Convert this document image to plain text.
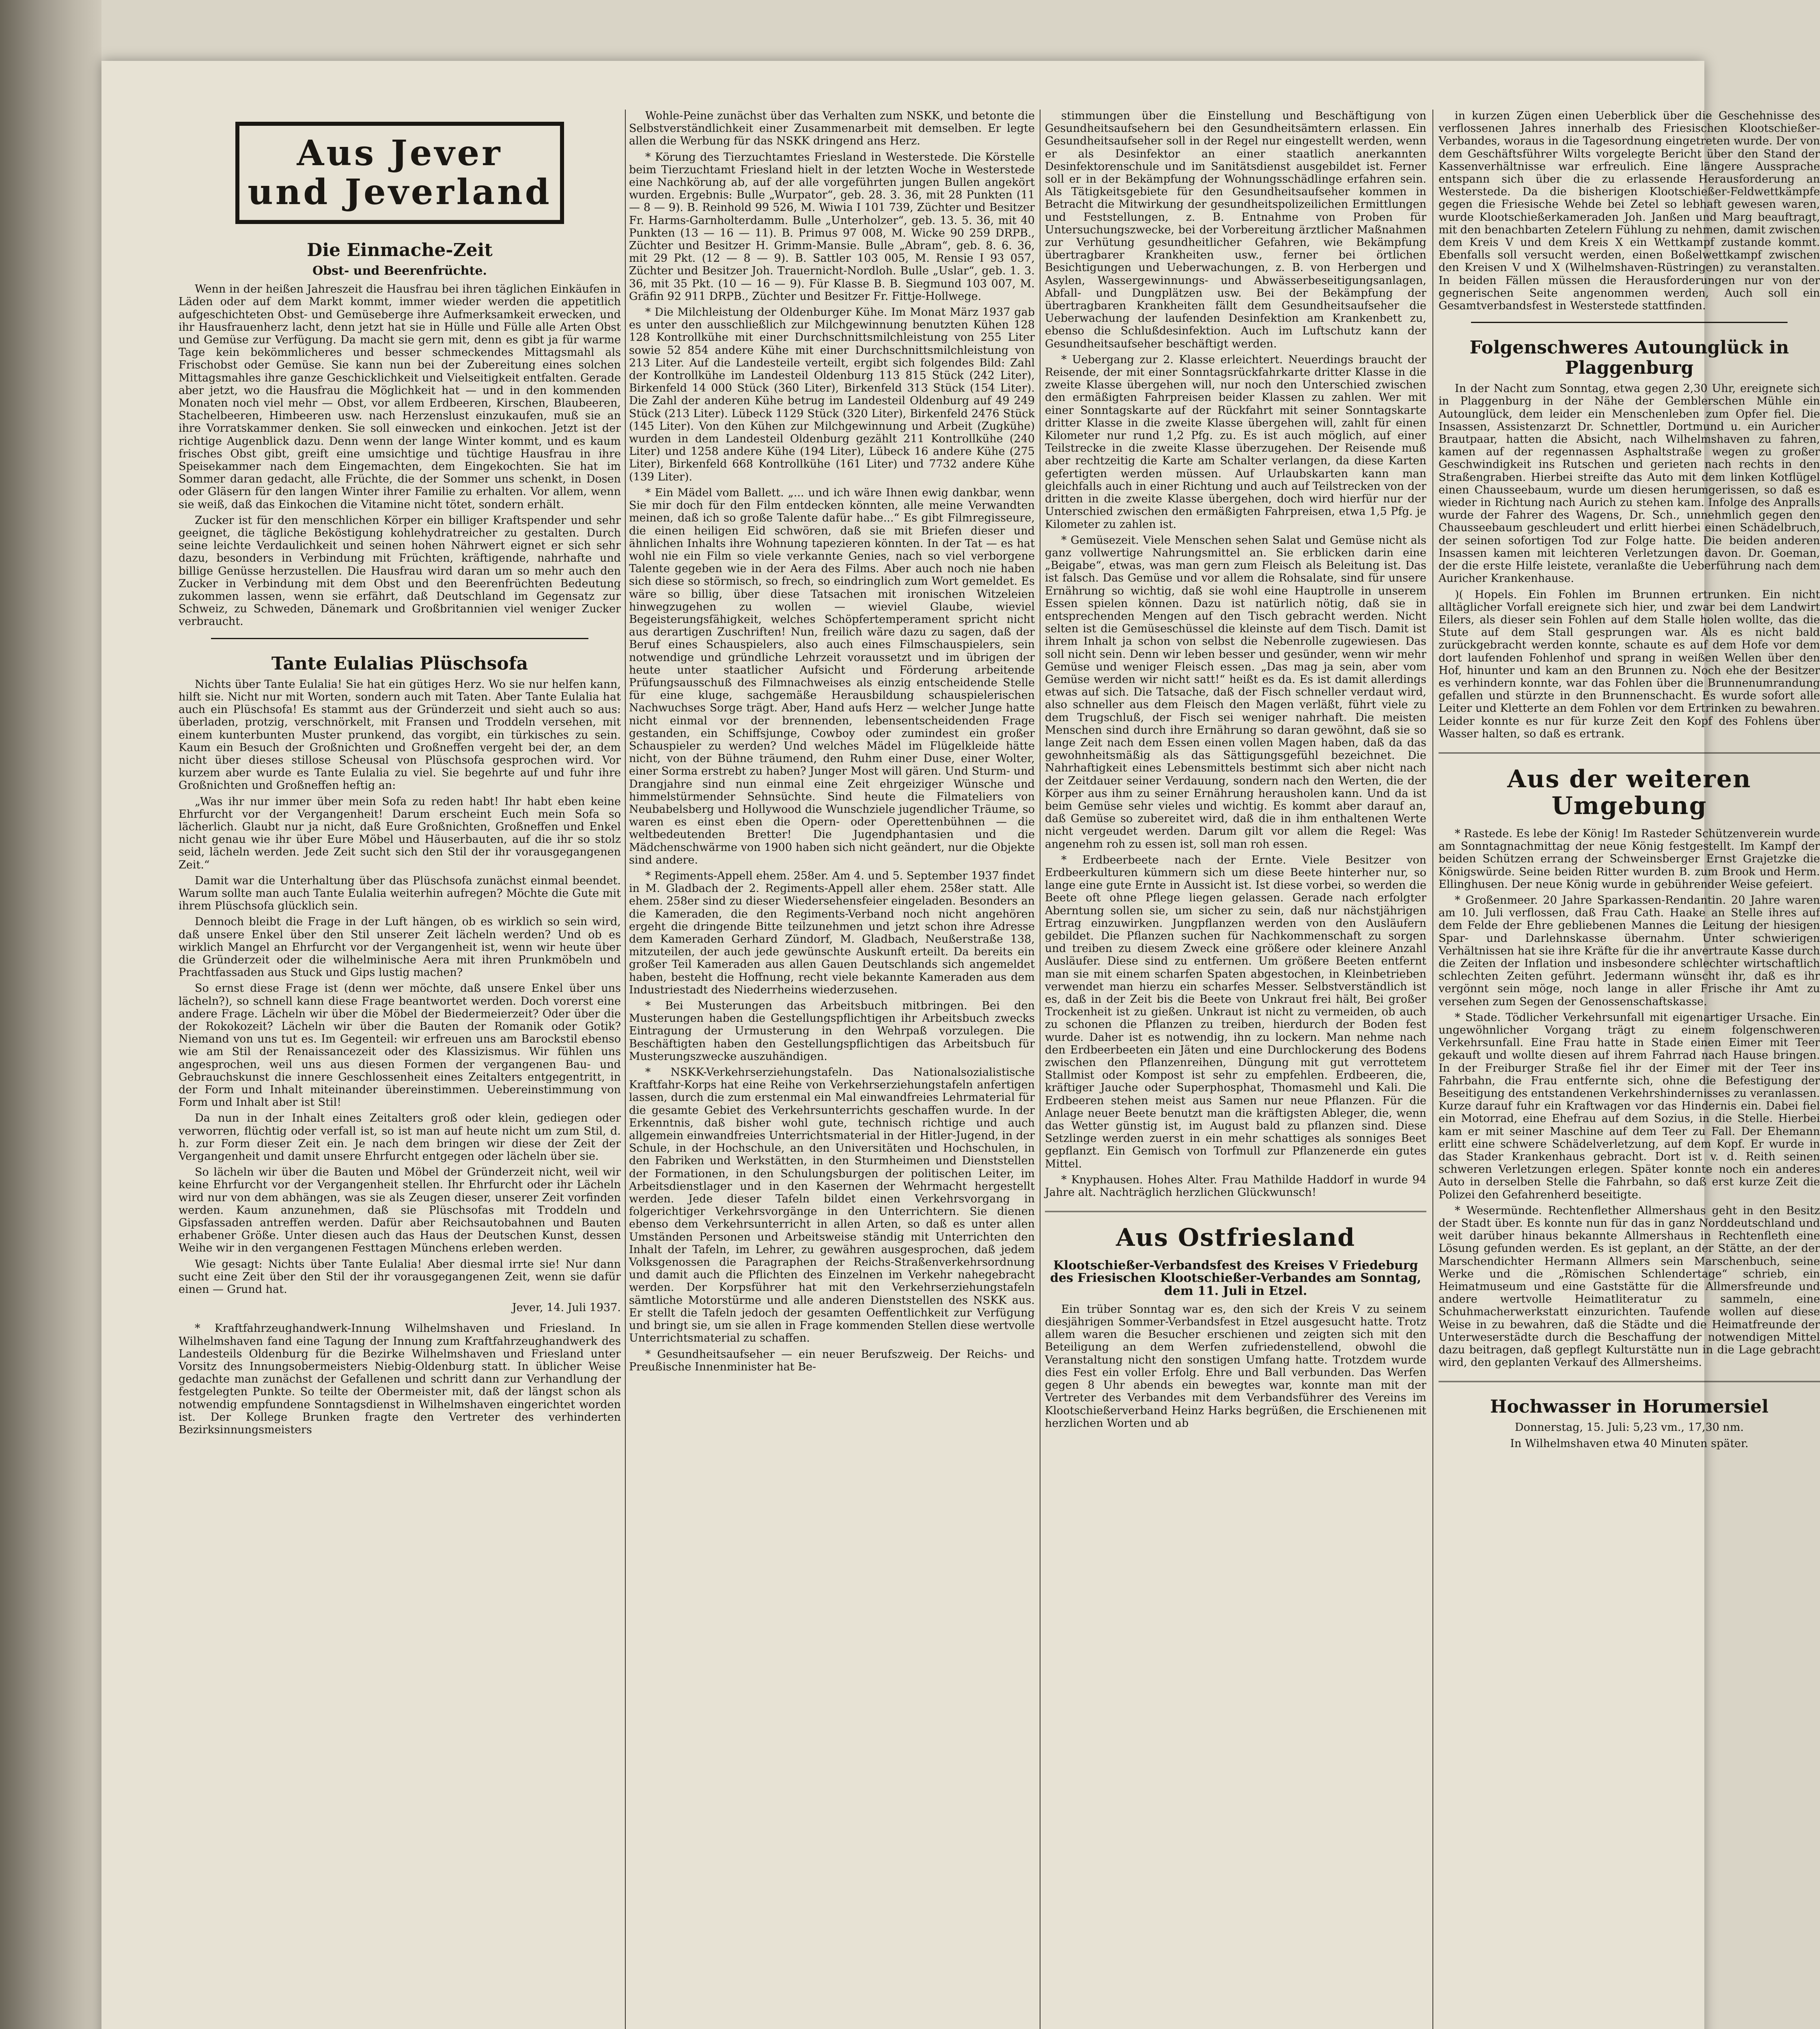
Aus Jever
und Jeverland
Die Einmache-Zeit
Obst- und Beerenfrüchte.

Wenn in der heißen Jahreszeit die Hausfrau bei ihren täglichen Einkäufen in Läden oder auf dem Markt kommt, immer wieder werden die appetitlich aufgeschichteten Obst- und Gemüseberge ihre Aufmerksamkeit erwecken, und ihr Hausfrauenherz lacht, denn jetzt hat sie in Hülle und Fülle alle Arten Obst und Gemüse zur Verfügung. Da macht sie gern mit, denn es gibt ja für warme Tage kein bekömmlicheres und besser schmeckendes Mittagsmahl als Frischobst oder Gemüse. Sie kann nun bei der Zubereitung eines solchen Mittagsmahles ihre ganze Geschicklichkeit und Vielseitigkeit entfalten. Gerade aber jetzt, wo die Hausfrau die Möglichkeit hat — und in den kommenden Monaten noch viel mehr — Obst, vor allem Erdbeeren, Kirschen, Blaubeeren, Stachelbeeren, Himbeeren usw. nach Herzenslust einzukaufen, muß sie an ihre Vorratskammer denken. Sie soll einwecken und einkochen. Jetzt ist der richtige Augenblick dazu. Denn wenn der lange Winter kommt, und es kaum frisches Obst gibt, greift eine umsichtige und tüchtige Hausfrau in ihre Speisekammer nach dem Eingemachten, dem Eingekochten. Sie hat im Sommer daran gedacht, alle Früchte, die der Sommer uns schenkt, in Dosen oder Gläsern für den langen Winter ihrer Familie zu erhalten. Vor allem, wenn sie weiß, daß das Einkochen die Vitamine nicht tötet, sondern erhält.

Zucker ist für den menschlichen Körper ein billiger Kraftspender und sehr geeignet, die tägliche Beköstigung kohlehydratreicher zu gestalten. Durch seine leichte Verdaulichkeit und seinen hohen Nährwert eignet er sich sehr dazu, besonders in Verbindung mit Früchten, kräftigende, nahrhafte und billige Genüsse herzustellen. Die Hausfrau wird daran um so mehr auch den Zucker in Verbindung mit dem Obst und den Beerenfrüchten Bedeutung zukommen lassen, wenn sie erfährt, daß Deutschland im Gegensatz zur Schweiz, zu Schweden, Dänemark und Großbritannien viel weniger Zucker verbraucht.

Tante Eulalias Plüschsofa

Nichts über Tante Eulalia! Sie hat ein gütiges Herz. Wo sie nur helfen kann, hilft sie. Nicht nur mit Worten, sondern auch mit Taten. Aber Tante Eulalia hat auch ein Plüschsofa! Es stammt aus der Gründerzeit und sieht auch so aus: überladen, protzig, verschnörkelt, mit Fransen und Troddeln versehen, mit einem kunterbunten Muster prunkend, das vorgibt, ein türkisches zu sein. Kaum ein Besuch der Großnichten und Großneffen vergeht bei der, an dem nicht über dieses stillose Scheusal von Plüschsofa gesprochen wird. Vor kurzem aber wurde es Tante Eulalia zu viel. Sie begehrte auf und fuhr ihre Großnichten und Großneffen heftig an:

„Was ihr nur immer über mein Sofa zu reden habt! Ihr habt eben keine Ehrfurcht vor der Vergangenheit! Darum erscheint Euch mein Sofa so lächerlich. Glaubt nur ja nicht, daß Eure Großnichten, Großneffen und Enkel nicht genau wie ihr über Eure Möbel und Häuserbauten, auf die ihr so stolz seid, lächeln werden. Jede Zeit sucht sich den Stil der ihr vorausgegangenen Zeit.“

Damit war die Unterhaltung über das Plüschsofa zunächst einmal beendet. Warum sollte man auch Tante Eulalia weiterhin aufregen? Möchte die Gute mit ihrem Plüschsofa glücklich sein.

Dennoch bleibt die Frage in der Luft hängen, ob es wirklich so sein wird, daß unsere Enkel über den Stil unserer Zeit lächeln werden? Und ob es wirklich Mangel an Ehrfurcht vor der Vergangenheit ist, wenn wir heute über die Gründerzeit oder die wilhelminische Aera mit ihren Prunkmöbeln und Prachtfassaden aus Stuck und Gips lustig machen?

So ernst diese Frage ist (denn wer möchte, daß unsere Enkel über uns lächeln?), so schnell kann diese Frage beantwortet werden. Doch vorerst eine andere Frage. Lächeln wir über die Möbel der Biedermeierzeit? Oder über die der Rokokozeit? Lächeln wir über die Bauten der Romanik oder Gotik? Niemand von uns tut es. Im Gegenteil: wir erfreuen uns am Barockstil ebenso wie am Stil der Renaissancezeit oder des Klassizismus. Wir fühlen uns angesprochen, weil uns aus diesen Formen der vergangenen Bau- und Gebrauchskunst die innere Geschlossenheit eines Zeitalters entgegentritt, in der Form und Inhalt miteinander übereinstimmen. Uebereinstimmung von Form und Inhalt aber ist Stil!

Da nun in der Inhalt eines Zeitalters groß oder klein, gediegen oder verworren, flüchtig oder verfall ist, so ist man auf heute nicht um zum Stil, d. h. zur Form dieser Zeit ein. Je nach dem bringen wir diese der Zeit der Vergangenheit und damit unsere Ehrfurcht entgegen oder lächeln über sie.

So lächeln wir über die Bauten und Möbel der Gründerzeit nicht, weil wir keine Ehrfurcht vor der Vergangenheit stellen. Ihr Ehrfurcht oder ihr Lächeln wird nur von dem abhängen, was sie als Zeugen dieser, unserer Zeit vorfinden werden. Kaum anzunehmen, daß sie Plüschsofas mit Troddeln und Gipsfassaden antreffen werden. Dafür aber Reichsautobahnen und Bauten erhabener Größe. Unter diesen auch das Haus der Deutschen Kunst, dessen Weihe wir in den vergangenen Festtagen Münchens erleben werden.

Wie gesagt: Nichts über Tante Eulalia! Aber diesmal irrte sie! Nur dann sucht eine Zeit über den Stil der ihr vorausgegangenen Zeit, wenn sie dafür einen — Grund hat.

Jever, 14. Juli 1937.

* Kraftfahrzeughandwerk-Innung Wilhelmshaven und Friesland. In Wilhelmshaven fand eine Tagung der Innung zum Kraftfahrzeughandwerk des Landesteils Oldenburg für die Bezirke Wilhelmshaven und Friesland unter Vorsitz des Innungsobermeisters Niebig-Oldenburg statt. In üblicher Weise gedachte man zunächst der Gefallenen und schritt dann zur Verhandlung der festgelegten Punkte. So teilte der Obermeister mit, daß der längst schon als notwendig empfundene Sonntagsdienst in Wilhelmshaven eingerichtet worden ist. Der Kollege Brunken fragte den Vertreter des verhinderten Bezirksinnungsmeisters

Wohle-Peine zunächst über das Verhalten zum NSKK, und betonte die Selbstverständlichkeit einer Zusammenarbeit mit demselben. Er legte allen die Werbung für das NSKK dringend ans Herz.

* Körung des Tierzuchtamtes Friesland in Westerstede. Die Körstelle beim Tierzuchtamt Friesland hielt in der letzten Woche in Westerstede eine Nachkörung ab, auf der alle vorgeführten jungen Bullen angekört wurden. Ergebnis: Bulle „Wurpator“, geb. 28. 3. 36, mit 28 Punkten (11 — 8 — 9). B. Reinhold 99 526, M. Wiwia I 101 739, Züchter und Besitzer Fr. Harms-Garnholterdamm. Bulle „Unterholzer“, geb. 13. 5. 36, mit 40 Punkten (13 — 16 — 11). B. Primus 97 008, M. Wicke 90 259 DRPB., Züchter und Besitzer H. Grimm-Mansie. Bulle „Abram“, geb. 8. 6. 36, mit 29 Pkt. (12 — 8 — 9). B. Sattler 103 005, M. Rensie I 93 057, Züchter und Besitzer Joh. Trauernicht-Nordloh. Bulle „Uslar“, geb. 1. 3. 36, mit 35 Pkt. (10 — 16 — 9). Für Klasse B. B. Siegmund 103 007, M. Gräfin 92 911 DRPB., Züchter und Besitzer Fr. Fittje-Hollwege.

* Die Milchleistung der Oldenburger Kühe. Im Monat März 1937 gab es unter den ausschließlich zur Milchgewinnung benutzten Kühen 128 128 Kontrollkühe mit einer Durchschnittsmilchleistung von 255 Liter sowie 52 854 andere Kühe mit einer Durchschnittsmilchleistung von 213 Liter. Auf die Landesteile verteilt, ergibt sich folgendes Bild: Zahl der Kontrollkühe im Landesteil Oldenburg 113 815 Stück (242 Liter), Birkenfeld 14 000 Stück (360 Liter), Birkenfeld 313 Stück (154 Liter). Die Zahl der anderen Kühe betrug im Landesteil Oldenburg auf 49 249 Stück (213 Liter). Lübeck 1129 Stück (320 Liter), Birkenfeld 2476 Stück (145 Liter). Von den Kühen zur Milchgewinnung und Arbeit (Zugkühe) wurden in dem Landesteil Oldenburg gezählt 211 Kontrollkühe (240 Liter) und 1258 andere Kühe (194 Liter), Lübeck 16 andere Kühe (275 Liter), Birkenfeld 668 Kontrollkühe (161 Liter) und 7732 andere Kühe (139 Liter).

* Ein Mädel vom Ballett. „... und ich wäre Ihnen ewig dankbar, wenn Sie mir doch für den Film entdecken könnten, alle meine Verwandten meinen, daß ich so große Talente dafür habe...“ Es gibt Filmregisseure, die einen heiligen Eid schwören, daß sie mit Briefen dieser und ähnlichen Inhalts ihre Wohnung tapezieren könnten. In der Tat — es hat wohl nie ein Film so viele verkannte Genies, nach so viel verborgene Talente gegeben wie in der Aera des Films. Aber auch noch nie haben sich diese so störmisch, so frech, so eindringlich zum Wort gemeldet. Es wäre so billig, über diese Tatsachen mit ironischen Witzeleien hinwegzugehen zu wollen — wieviel Glaube, wieviel Begeisterungsfähigkeit, welches Schöpfertemperament spricht nicht aus derartigen Zuschriften! Nun, freilich wäre dazu zu sagen, daß der Beruf eines Schauspielers, also auch eines Filmschauspielers, sein notwendige und gründliche Lehrzeit voraussetzt und im übrigen der heute unter staatlicher Aufsicht und Förderung arbeitende Prüfungsausschuß des Filmnachweises als einzig entscheidende Stelle für eine kluge, sachgemäße Herausbildung schauspielerischen Nachwuchses Sorge trägt. Aber, Hand aufs Herz — welcher Junge hatte nicht einmal vor der brennenden, lebensentscheidenden Frage gestanden, ein Schiffsjunge, Cowboy oder zumindest ein großer Schauspieler zu werden? Und welches Mädel im Flügelkleide hätte nicht, von der Bühne träumend, den Ruhm einer Duse, einer Wolter, einer Sorma erstrebt zu haben? Junger Most will gären. Und Sturm- und Drangjahre sind nun einmal eine Zeit ehrgeiziger Wünsche und himmelstürmender Sehnsüchte. Sind heute die Filmateliers von Neubabelsberg und Hollywood die Wunschziele jugendlicher Träume, so waren es einst eben die Opern- oder Operettenbühnen — die weltbedeutenden Bretter! Die Jugendphantasien und die Mädchenschwärme von 1900 haben sich nicht geändert, nur die Objekte sind andere.

* Regiments-Appell ehem. 258er. Am 4. und 5. September 1937 findet in M. Gladbach der 2. Regiments-Appell aller ehem. 258er statt. Alle ehem. 258er sind zu dieser Wiedersehensfeier eingeladen. Besonders an die Kameraden, die den Regiments-Verband noch nicht angehören ergeht die dringende Bitte teilzunehmen und jetzt schon ihre Adresse dem Kameraden Gerhard Zündorf, M. Gladbach, Neußerstraße 138, mitzuteilen, der auch jede gewünschte Auskunft erteilt. Da bereits ein großer Teil Kameraden aus allen Gauen Deutschlands sich angemeldet haben, besteht die Hoffnung, recht viele bekannte Kameraden aus dem Industriestadt des Niederrheins wiederzusehen.

* Bei Musterungen das Arbeitsbuch mitbringen. Bei den Musterungen haben die Gestellungspflichtigen ihr Arbeitsbuch zwecks Eintragung der Urmusterung in den Wehrpaß vorzulegen. Die Beschäftigten haben den Gestellungspflichtigen das Arbeitsbuch für Musterungszwecke auszuhändigen.

* NSKK-Verkehrserziehungstafeln. Das Nationalsozialistische Kraftfahr-Korps hat eine Reihe von Verkehrserziehungstafeln anfertigen lassen, durch die zum erstenmal ein Mal einwandfreies Lehrmaterial für die gesamte Gebiet des Verkehrsunterrichts geschaffen wurde. In der Erkenntnis, daß bisher wohl gute, technisch richtige und auch allgemein einwandfreies Unterrichtsmaterial in der Hitler-Jugend, in der Schule, in der Hochschule, an den Universitäten und Hochschulen, in den Fabriken und Werkstätten, in den Sturmheimen und Dienststellen der Formationen, in den Schulungsburgen der politischen Leiter, im Arbeitsdienstlager und in den Kasernen der Wehrmacht hergestellt werden. Jede dieser Tafeln bildet einen Verkehrsvorgang in folgerichtiger Verkehrsvorgänge in den Unterrichtern. Sie dienen ebenso dem Verkehrsunterricht in allen Arten, so daß es unter allen Umständen Personen und Arbeitsweise ständig mit Unterrichten den Inhalt der Tafeln, im Lehrer, zu gewähren ausgesprochen, daß jedem Volksgenossen die Paragraphen der Reichs-Straßenverkehrsordnung und damit auch die Pflichten des Einzelnen im Verkehr nahegebracht werden. Der Korpsführer hat mit den Verkehrserziehungstafeln sämtliche Motorstürme und alle anderen Dienststellen des NSKK aus. Er stellt die Tafeln jedoch der gesamten Oeffentlichkeit zur Verfügung und bringt sie, um sie allen in Frage kommenden Stellen diese wertvolle Unterrichtsmaterial zu schaffen.

* Gesundheitsaufseher — ein neuer Berufszweig. Der Reichs- und Preußische Innenminister hat Be-

stimmungen über die Einstellung und Beschäftigung von Gesundheitsaufsehern bei den Gesundheitsämtern erlassen. Ein Gesundheitsaufseher soll in der Regel nur eingestellt werden, wenn er als Desinfektor an einer staatlich anerkannten Desinfektorenschule und im Sanitätsdienst ausgebildet ist. Ferner soll er in der Bekämpfung der Wohnungsschädlinge erfahren sein. Als Tätigkeitsgebiete für den Gesundheitsaufseher kommen in Betracht die Mitwirkung der gesundheitspolizeilichen Ermittlungen und Feststellungen, z. B. Entnahme von Proben für Untersuchungszwecke, bei der Vorbereitung ärztlicher Maßnahmen zur Verhütung gesundheitlicher Gefahren, wie Bekämpfung übertragbarer Krankheiten usw., ferner bei örtlichen Besichtigungen und Ueberwachungen, z. B. von Herbergen und Asylen, Wassergewinnungs- und Abwässerbeseitigungsanlagen, Abfall- und Dungplätzen usw. Bei der Bekämpfung der übertragbaren Krankheiten fällt dem Gesundheitsaufseher die Ueberwachung der laufenden Desinfektion am Krankenbett zu, ebenso die Schlußdesinfektion. Auch im Luftschutz kann der Gesundheitsaufseher beschäftigt werden.

* Uebergang zur 2. Klasse erleichtert. Neuerdings braucht der Reisende, der mit einer Sonntagsrückfahrkarte dritter Klasse in die zweite Klasse übergehen will, nur noch den Unterschied zwischen den ermäßigten Fahrpreisen beider Klassen zu zahlen. Wer mit einer Sonntagskarte auf der Rückfahrt mit seiner Sonntagskarte dritter Klasse in die zweite Klasse übergehen will, zahlt für einen Kilometer nur rund 1,2 Pfg. zu. Es ist auch möglich, auf einer Teilstrecke in die zweite Klasse überzugehen. Der Reisende muß aber rechtzeitig die Karte am Schalter verlangen, da diese Karten gefertigten werden müssen. Auf Urlaubskarten kann man gleichfalls auch in einer Richtung und auch auf Teilstrecken von der dritten in die zweite Klasse übergehen, doch wird hierfür nur der Unterschied zwischen den ermäßigten Fahrpreisen, etwa 1,5 Pfg. je Kilometer zu zahlen ist.

* Gemüsezeit. Viele Menschen sehen Salat und Gemüse nicht als ganz vollwertige Nahrungsmittel an. Sie erblicken darin eine „Beigabe“, etwas, was man gern zum Fleisch als Beleitung ist. Das ist falsch. Das Gemüse und vor allem die Rohsalate, sind für unsere Ernährung so wichtig, daß sie wohl eine Hauptrolle in unserem Essen spielen können. Dazu ist natürlich nötig, daß sie in entsprechenden Mengen auf den Tisch gebracht werden. Nicht selten ist die Gemüseschüssel die kleinste auf dem Tisch. Damit ist ihrem Inhalt ja schon von selbst die Nebenrolle zugewiesen. Das soll nicht sein. Denn wir leben besser und gesünder, wenn wir mehr Gemüse und weniger Fleisch essen. „Das mag ja sein, aber vom Gemüse werden wir nicht satt!“ heißt es da. Es ist damit allerdings etwas auf sich. Die Tatsache, daß der Fisch schneller verdaut wird, also schneller aus dem Fleisch den Magen verläßt, führt viele zu dem Trugschluß, der Fisch sei weniger nahrhaft. Die meisten Menschen sind durch ihre Ernährung so daran gewöhnt, daß sie so lange Zeit nach dem Essen einen vollen Magen haben, daß da das gewohnheitsmäßig als das Sättigungsgefühl bezeichnet. Die Nahrhaftigkeit eines Lebensmittels bestimmt sich aber nicht nach der Zeitdauer seiner Verdauung, sondern nach den Werten, die der Körper aus ihm zu seiner Ernährung herausholen kann. Und da ist beim Gemüse sehr vieles und wichtig. Es kommt aber darauf an, daß Gemüse so zubereitet wird, daß die in ihm enthaltenen Werte nicht vergeudet werden. Darum gilt vor allem die Regel: Was angenehm roh zu essen ist, soll man roh essen.

* Erdbeerbeete nach der Ernte. Viele Besitzer von Erdbeerkulturen kümmern sich um diese Beete hinterher nur, so lange eine gute Ernte in Aussicht ist. Ist diese vorbei, so werden die Beete oft ohne Pflege liegen gelassen. Gerade nach erfolgter Aberntung sollen sie, um sicher zu sein, daß nur nächstjährigen Ertrag einzuwirken. Jungpflanzen werden von den Ausläufern gebildet. Die Pflanzen suchen für Nachkommenschaft zu sorgen und treiben zu diesem Zweck eine größere oder kleinere Anzahl Ausläufer. Diese sind zu entfernen. Um größere Beeten entfernt man sie mit einem scharfen Spaten abgestochen, in Kleinbetrieben verwendet man hierzu ein scharfes Messer. Selbstverständlich ist es, daß in der Zeit bis die Beete von Unkraut frei hält, Bei großer Trockenheit ist zu gießen. Unkraut ist nicht zu vermeiden, ob auch zu schonen die Pflanzen zu treiben, hierdurch der Boden fest wurde. Daher ist es notwendig, ihn zu lockern. Man nehme nach den Erdbeerbeeten ein Jäten und eine Durchlockerung des Bodens zwischen den Pflanzenreihen, Düngung mit gut verrottetem Stallmist oder Kompost ist sehr zu empfehlen. Erdbeeren, die, kräftiger Jauche oder Superphosphat, Thomasmehl und Kali. Die Erdbeeren stehen meist aus Samen nur neue Pflanzen. Für die Anlage neuer Beete benutzt man die kräftigsten Ableger, die, wenn das Wetter günstig ist, im August bald zu pflanzen sind. Diese Setzlinge werden zuerst in ein mehr schattiges als sonniges Beet gepflanzt. Ein Gemisch von Torfmull zur Pflanzenerde ein gutes Mittel.

* Knyphausen. Hohes Alter. Frau Mathilde Haddorf in wurde 94 Jahre alt. Nachträglich herzlichen Glückwunsch!

Aus Ostfriesland
Klootschießer-Verbandsfest des Kreises V Friedeburg des Friesischen Klootschießer-Verbandes am Sonntag, dem 11. Juli in Etzel.

Ein trüber Sonntag war es, den sich der Kreis V zu seinem diesjährigen Sommer-Verbandsfest in Etzel ausgesucht hatte. Trotz allem waren die Besucher erschienen und zeigten sich mit den Beteiligung an dem Werfen zufriedenstellend, obwohl die Veranstaltung nicht den sonstigen Umfang hatte. Trotzdem wurde dies Fest ein voller Erfolg. Ehre und Ball verbunden. Das Werfen gegen 8 Uhr abends ein bewegtes war, konnte man mit der Vertreter des Verbandes mit dem Verbandsführer des Vereins im Klootschießerverband Heinz Harks begrüßen, die Erschienenen mit herzlichen Worten und ab

in kurzen Zügen einen Ueberblick über die Geschehnisse des verflossenen Jahres innerhalb des Friesischen Klootschießer-Verbandes, woraus in die Tagesordnung eingetreten wurde. Der von dem Geschäftsführer Wilts vorgelegte Bericht über den Stand der Kassenverhältnisse war erfreulich. Eine längere Aussprache entspann sich über die zu erlassende Herausforderung an Westerstede. Da die bisherigen Klootschießer-Feldwettkämpfe gegen die Friesische Wehde bei Zetel so lebhaft gewesen waren, wurde Klootschießerkameraden Joh. Janßen und Marg beauftragt, mit den benachbarten Zetelern Fühlung zu nehmen, damit zwischen dem Kreis V und dem Kreis X ein Wettkampf zustande kommt. Ebenfalls soll versucht werden, einen Boßelwettkampf zwischen den Kreisen V und X (Wilhelmshaven-Rüstringen) zu veranstalten. In beiden Fällen müssen die Herausforderungen nur von der gegnerischen Seite angenommen werden, Auch soll ein Gesamtverbandsfest in Westerstede stattfinden.

Folgenschweres Autounglück in Plaggenburg

In der Nacht zum Sonntag, etwa gegen 2,30 Uhr, ereignete sich in Plaggenburg in der Nähe der Gemblerschen Mühle ein Autounglück, dem leider ein Menschenleben zum Opfer fiel. Die Insassen, Assistenzarzt Dr. Schnettler, Dortmund u. ein Auricher Brautpaar, hatten die Absicht, nach Wilhelmshaven zu fahren, kamen auf der regennassen Asphaltstraße wegen zu großer Geschwindigkeit ins Rutschen und gerieten nach rechts in den Straßengraben. Hierbei streifte das Auto mit dem linken Kotflügel einen Chausseebaum, wurde um diesen herumgerissen, so daß es wieder in Richtung nach Aurich zu stehen kam. Infolge des Anpralls wurde der Fahrer des Wagens, Dr. Sch., unnehmlich gegen den Chausseebaum geschleudert und erlitt hierbei einen Schädelbruch, der seinen sofortigen Tod zur Folge hatte. Die beiden anderen Insassen kamen mit leichteren Verletzungen davon. Dr. Goeman, der die erste Hilfe leistete, veranlaßte die Ueberführung nach dem Auricher Krankenhause.

)( Hopels. Ein Fohlen im Brunnen ertrunken. Ein nicht alltäglicher Vorfall ereignete sich hier, und zwar bei dem Landwirt Eilers, als dieser sein Fohlen auf dem Stalle holen wollte, das die Stute auf dem Stall gesprungen war. Als es nicht bald zurückgebracht werden konnte, schaute es auf dem Hofe vor dem dort laufenden Fohlenhof und sprang in weißen Wellen über den Hof, hinunter und kam an den Brunnen zu. Noch ehe der Besitzer es verhindern konnte, war das Fohlen über die Brunnenumrandung gefallen und stürzte in den Brunnenschacht. Es wurde sofort alle Leiter und Kletterte an dem Fohlen vor dem Ertrinken zu bewahren. Leider konnte es nur für kurze Zeit den Kopf des Fohlens über Wasser halten, so daß es ertrank.

Aus der weiteren Umgebung

* Rastede. Es lebe der König! Im Rasteder Schützenverein wurde am Sonntagnachmittag der neue König festgestellt. Im Kampf der beiden Schützen errang der Schweinsberger Ernst Grajetzke die Königswürde. Seine beiden Ritter wurden B. zum Brook und Herm. Ellinghusen. Der neue König wurde in gebührender Weise gefeiert.

* Großenmeer. 20 Jahre Sparkassen-Rendantin. 20 Jahre waren am 10. Juli verflossen, daß Frau Cath. Haake an Stelle ihres auf dem Felde der Ehre gebliebenen Mannes die Leitung der hiesigen Spar- und Darlehnskasse übernahm. Unter schwierigen Verhältnissen hat sie ihre Kräfte für die ihr anvertraute Kasse durch die Zeiten der Inflation und insbesondere schlechter wirtschaftlich schlechten Zeiten geführt. Jedermann wünscht ihr, daß es ihr vergönnt sein möge, noch lange in aller Frische ihr Amt zu versehen zum Segen der Genossenschaftskasse.

* Stade. Tödlicher Verkehrsunfall mit eigenartiger Ursache. Ein ungewöhnlicher Vorgang trägt zu einem folgenschweren Verkehrsunfall. Eine Frau hatte in Stade einen Eimer mit Teer gekauft und wollte diesen auf ihrem Fahrrad nach Hause bringen. In der Freiburger Straße fiel ihr der Eimer mit der Teer ins Fahrbahn, die Frau entfernte sich, ohne die Befestigung der Beseitigung des entstandenen Verkehrshindernisses zu veranlassen. Kurze darauf fuhr ein Kraftwagen vor das Hindernis ein. Dabei fiel ein Motorrad, eine Ehefrau auf dem Sozius, in die Stelle. Hierbei kam er mit seiner Maschine auf dem Teer zu Fall. Der Ehemann erlitt eine schwere Schädelverletzung, auf dem Kopf. Er wurde in das Stader Krankenhaus gebracht. Dort ist v. d. Reith seinen schweren Verletzungen erlegen. Später konnte noch ein anderes Auto in derselben Stelle die Fahrbahn, so daß erst kurze Zeit die Polizei den Gefahrenherd beseitigte.

* Wesermünde. Rechtenflether Allmershaus geht in den Besitz der Stadt über. Es konnte nun für das in ganz Norddeutschland und weit darüber hinaus bekannte Allmershaus in Rechtenfleth eine Lösung gefunden werden. Es ist geplant, an der Stätte, an der der Marschendichter Hermann Allmers sein Marschenbuch, seine Werke und die „Römischen Schlendertage“ schrieb, ein Heimatmuseum und eine Gaststätte für die Allmersfreunde und andere wertvolle Heimatliteratur zu sammeln, eine Schuhmacherwerkstatt einzurichten. Taufende wollen auf diese Weise in zu bewahren, daß die Städte und die Heimatfreunde der Unterweserstädte durch die Beschaffung der notwendigen Mittel dazu beitragen, daß gepflegt Kulturstätte nun in die Lage gebracht wird, den geplanten Verkauf des Allmersheims.

Hochwasser in Horumersiel

Donnerstag, 15. Juli: 5,23 vm., 17,30 nm.

In Wilhelmshaven etwa 40 Minuten später.
